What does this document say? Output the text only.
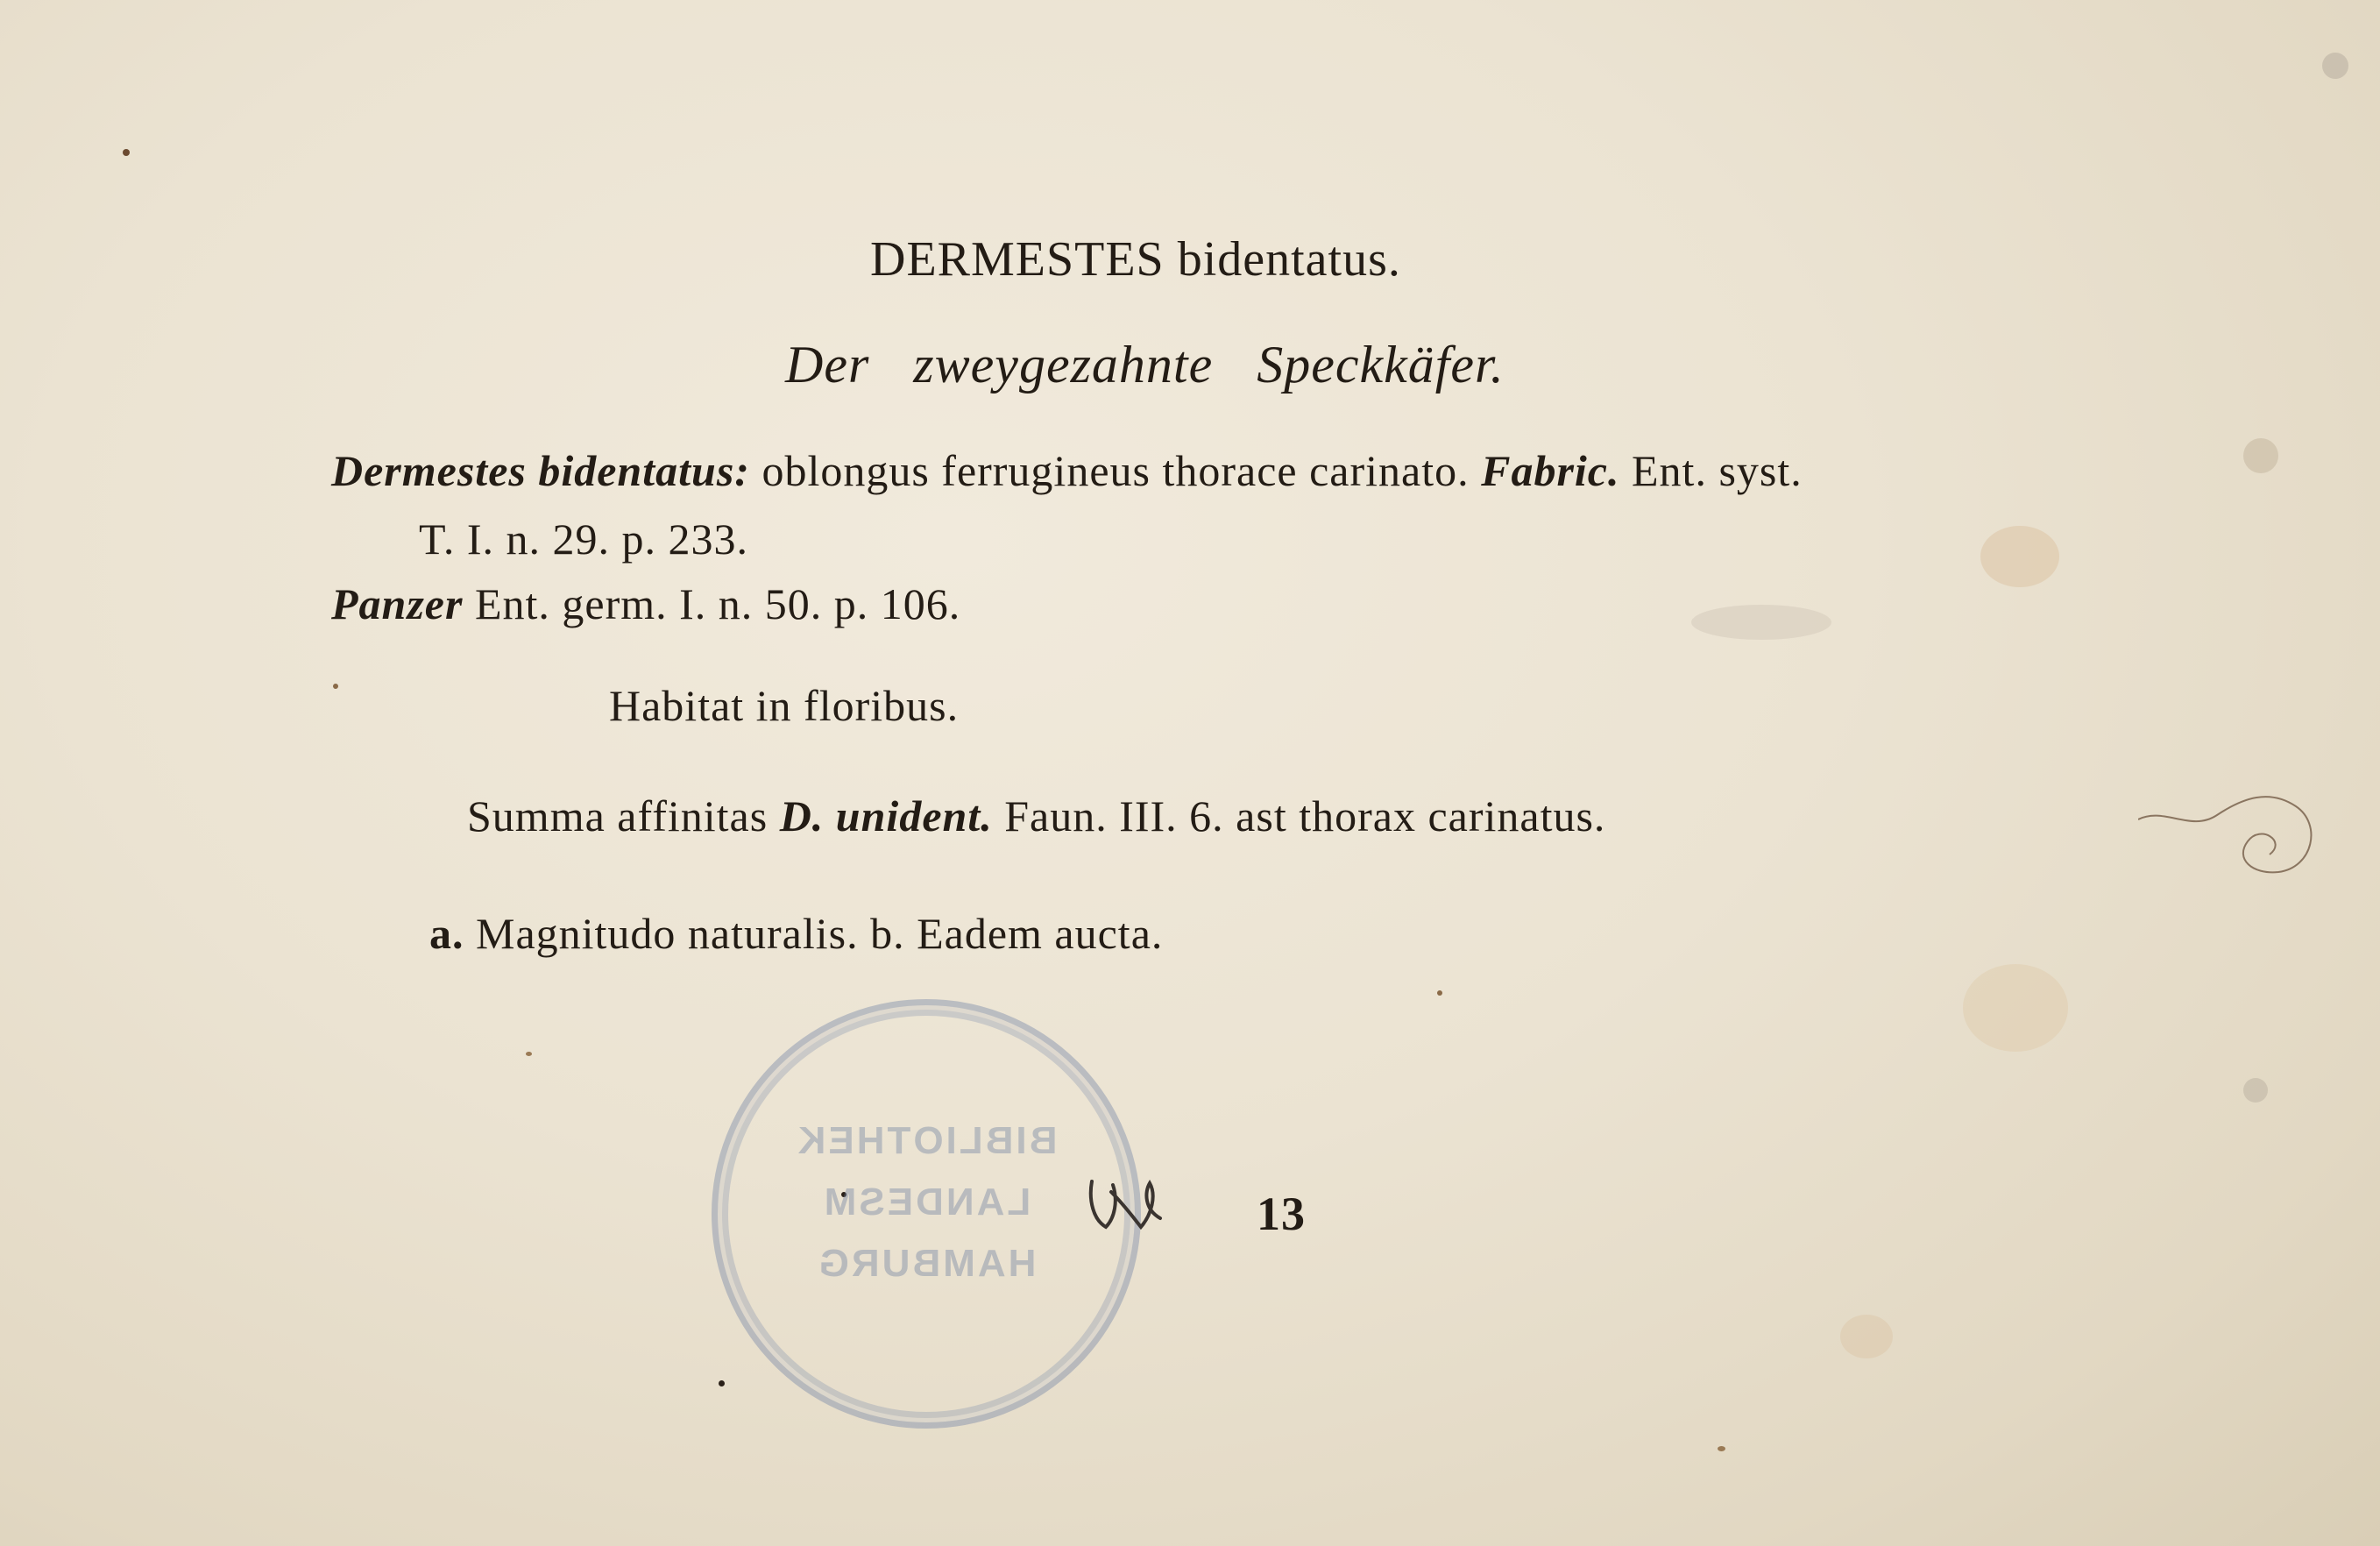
DERMESTES bidentatus.
Der zweygezahnte Speckkäfer.
Dermestes bidentatus: oblongus ferrugineus thorace carinato. Fabric. Ent. syst.
T. I. n. 29. p. 233.
Panzer Ent. germ. I. n. 50. p. 106.
Habitat in floribus.
Summa affinitas D. unident. Faun. III. 6. ast thorax carinatus.
a. Magnitudo naturalis. b. Eadem aucta.
BIBLIOTHEK
LANDESM
HAMBURG
13
